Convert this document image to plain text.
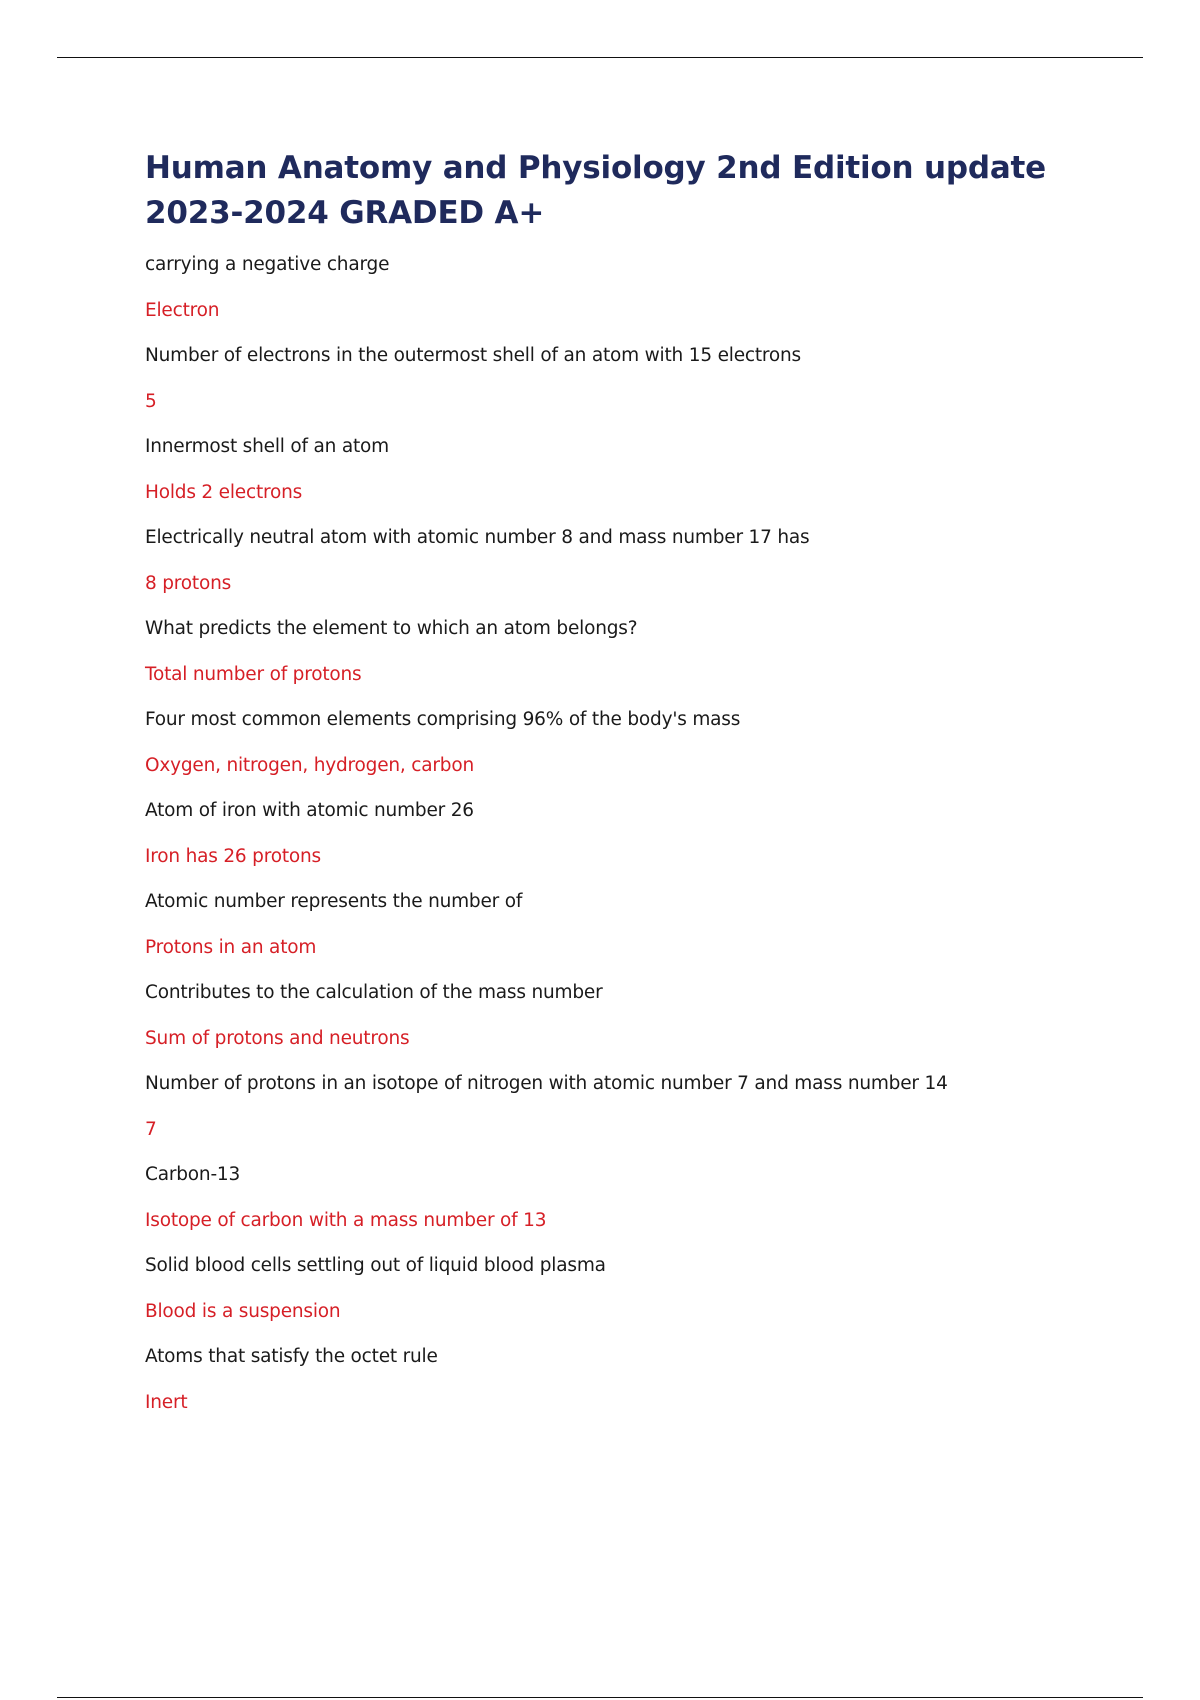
Human Anatomy and Physiology 2nd Edition update 2023-2024 GRADED A+
carrying a negative charge
Electron
Number of electrons in the outermost shell of an atom with 15 electrons
5
Innermost shell of an atom
Holds 2 electrons
Electrically neutral atom with atomic number 8 and mass number 17 has
8 protons
What predicts the element to which an atom belongs?
Total number of protons
Four most common elements comprising 96% of the body's mass
Oxygen, nitrogen, hydrogen, carbon
Atom of iron with atomic number 26
Iron has 26 protons
Atomic number represents the number of
Protons in an atom
Contributes to the calculation of the mass number
Sum of protons and neutrons
Number of protons in an isotope of nitrogen with atomic number 7 and mass number 14
7
Carbon-13
Isotope of carbon with a mass number of 13
Solid blood cells settling out of liquid blood plasma
Blood is a suspension
Atoms that satisfy the octet rule
Inert
